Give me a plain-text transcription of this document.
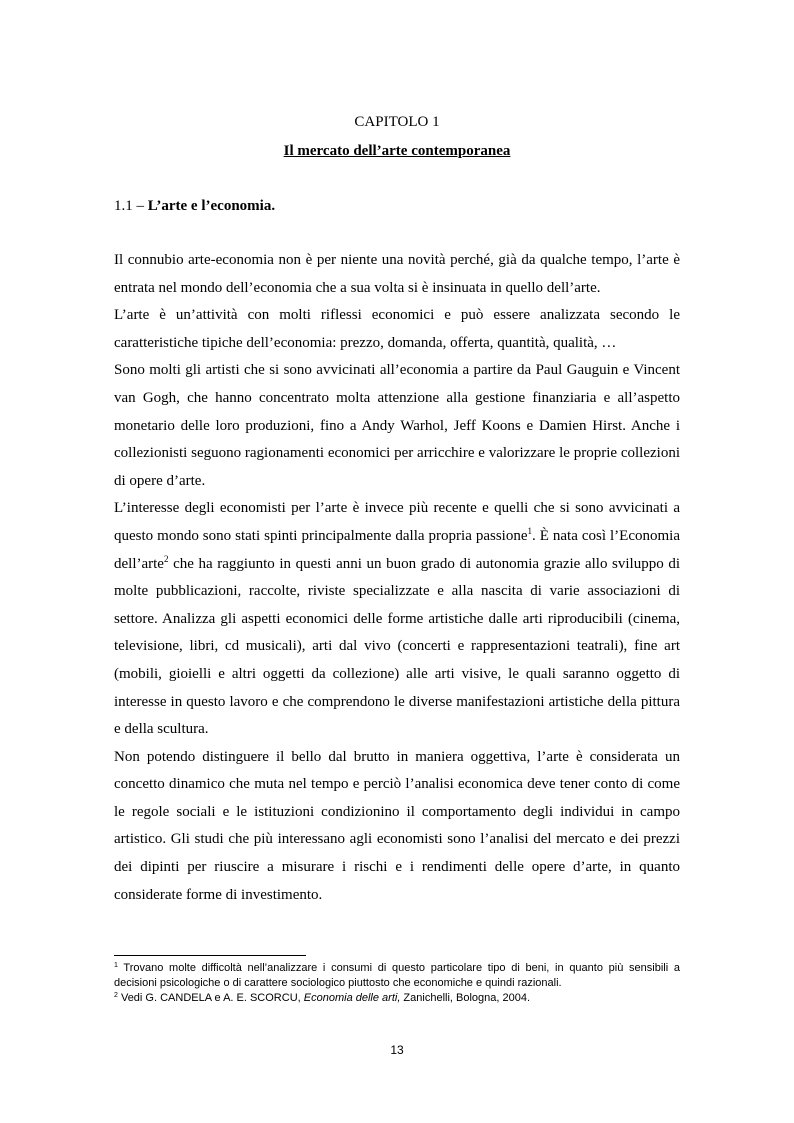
CAPITOLO 1
Il mercato dell’arte contemporanea
1.1 – L’arte e l’economia.

Il connubio arte-economia non è per niente una novità perché, già da qualche tempo, l’arte è entrata nel mondo dell’economia che a sua volta si è insinuata in quello dell’arte.

L’arte è un’attività con molti riflessi economici e può essere analizzata secondo le caratteristiche tipiche dell’economia: prezzo, domanda, offerta, quantità, qualità, …

Sono molti gli artisti che si sono avvicinati all’economia a partire da Paul Gauguin e Vincent van Gogh, che hanno concentrato molta attenzione alla gestione finanziaria e all’aspetto monetario delle loro produzioni, fino a Andy Warhol, Jeff Koons e Damien Hirst. Anche i collezionisti seguono ragionamenti economici per arricchire e valorizzare le proprie collezioni di opere d’arte.

L’interesse degli economisti per l’arte è invece più recente e quelli che si sono avvicinati a questo mondo sono stati spinti principalmente dalla propria passione$^1$. È nata così l’Economia dell’arte$^2$ che ha raggiunto in questi anni un buon grado di autonomia grazie allo sviluppo di molte pubblicazioni, raccolte, riviste specializzate e alla nascita di varie associazioni di settore. Analizza gli aspetti economici delle forme artistiche dalle arti riproducibili (cinema, televisione, libri, cd musicali), arti dal vivo (concerti e rappresentazioni teatrali), fine art (mobili, gioielli e altri oggetti da collezione) alle arti visive, le quali saranno oggetto di interesse in questo lavoro e che comprendono le diverse manifestazioni artistiche della pittura e della scultura.

Non potendo distinguere il bello dal brutto in maniera oggettiva, l’arte è considerata un concetto dinamico che muta nel tempo e perciò l’analisi economica deve tener conto di come le regole sociali e le istituzioni condizionino il comportamento degli individui in campo artistico. Gli studi che più interessano agli economisti sono l’analisi del mercato e dei prezzi dei dipinti per riuscire a misurare i rischi e i rendimenti delle opere d’arte, in quanto considerate forme di investimento.

$^1$ Trovano molte difficoltà nell’analizzare i consumi di questo particolare tipo di beni, in quanto più sensibili a decisioni psicologiche o di carattere sociologico piuttosto che economiche e quindi razionali.

$^2$ Vedi G. CANDELA e A. E. SCORCU, Economia delle arti, Zanichelli, Bologna, 2004.

13
